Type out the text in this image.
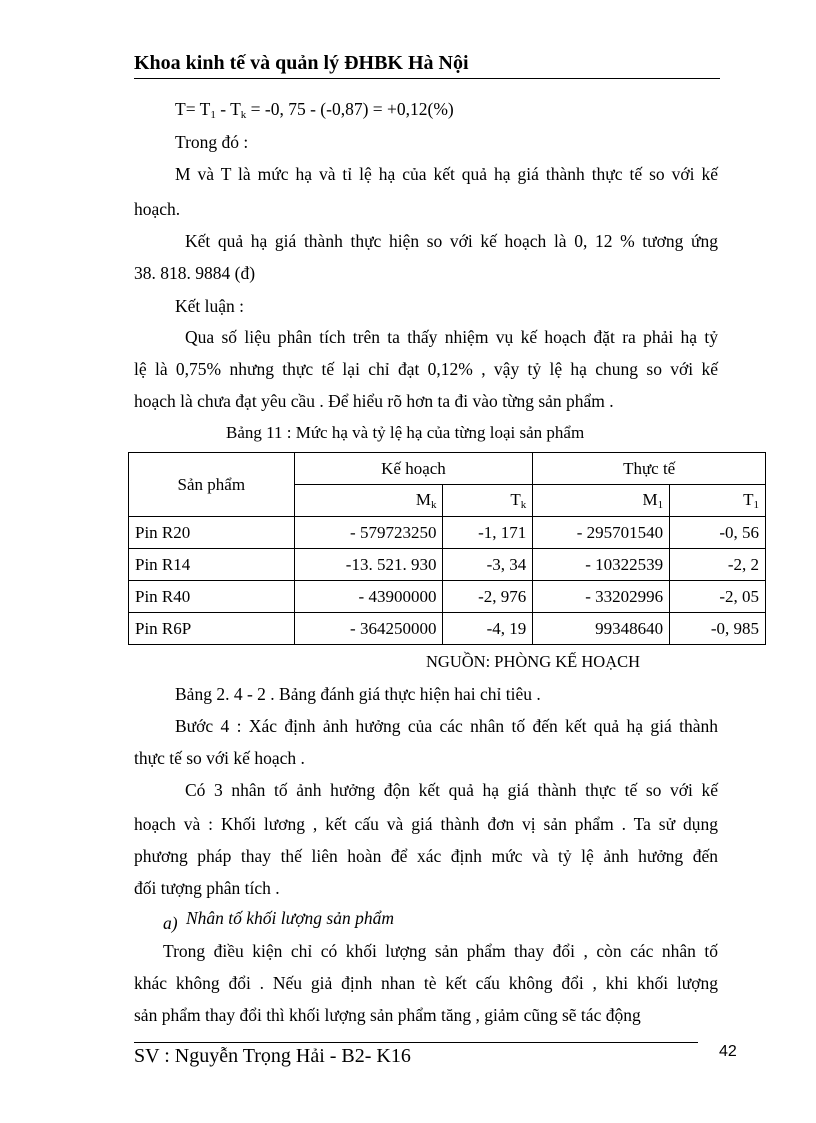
Khoa kinh tế và quản lý ĐHBK Hà Nội
$T= T_1 - T_k = -0$, 75 - (-0,87) = +0,12(%)
Trong đó :
M và T là mức hạ và tỉ lệ hạ của kết quả hạ giá thành thực tế so với kế
hoạch.
Kết quả hạ giá thành thực hiện so với kế hoạch là 0, 12 % tương ứng
38. 818. 9884 (đ)
Kết luận :
Qua số liệu phân tích trên ta thấy nhiệm vụ kế hoạch đặt ra phải hạ tỷ
lệ là 0,75% nhưng thực tế lại chỉ đạt 0,12% , vậy tỷ lệ hạ chung so với kế
hoạch là chưa đạt yêu cầu . Để hiểu rõ hơn ta đi vào từng sản phẩm .
Bảng 11 : Mức hạ và tỷ lệ hạ của từng loại sản phẩm
Sản phẩm	Kế hoạch		Thực tế	
	$M_k$	$T_k$	$M_1$	$T_1$
Pin R20	- 579723250	-1, 171	- 295701540	-0, 56
Pin R14	-13. 521. 930	-3, 34	- 10322539	-2, 2
Pin R40	- 43900000	-2, 976	- 33202996	-2, 05
Pin R6P	- 364250000	-4, 19	99348640	-0, 985
NGUỒN: PHÒNG KẾ HOẠCH
Bảng 2. 4 - 2 . Bảng đánh giá thực hiện hai chỉ tiêu .
Bước 4 : Xác định ảnh hưởng của các nhân tố đến kết quả hạ giá thành
thực tế so với kế hoạch .
Có 3 nhân tố ảnh hưởng độn kết quả hạ giá thành thực tế so với kế
hoạch và : Khối lương , kết cấu và giá thành đơn vị sản phẩm . Ta sử dụng
phương pháp thay thế liên hoàn để xác định mức và tỷ lệ ảnh hưởng đến
đối tượng phân tích .
a) Nhân tố khối lượng sản phẩm
Trong điều kiện chỉ có khối lượng sản phẩm thay đổi , còn các nhân tố
khác không đổi . Nếu giả định nhan tè kết cấu không đổi , khi khối lượng
sản phẩm thay đổi thì khối lượng sản phẩm tăng , giảm cũng sẽ tác động
SV : Nguyễn Trọng Hải - B2- K16	42
